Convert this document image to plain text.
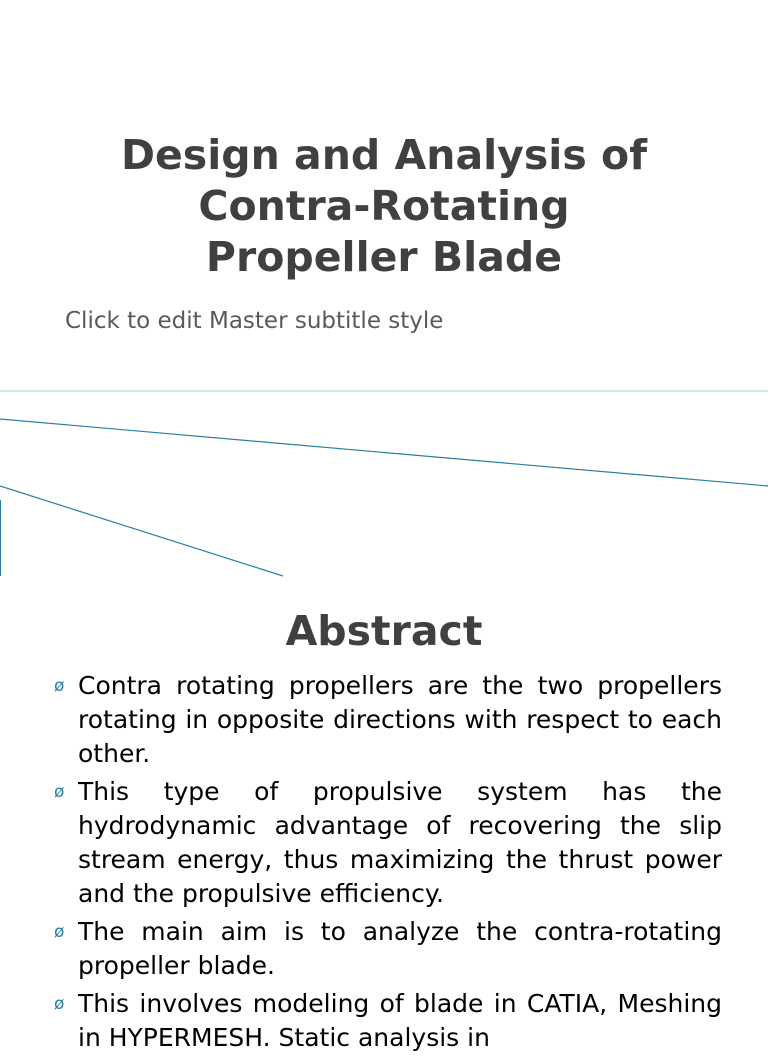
Design and Analysis of
Contra-Rotating
Propeller Blade
Click to edit Master subtitle style
Abstract
ø Contra rotating propellers are the two propellers rotating in opposite directions with respect to each other.
ø This type of propulsive system has the hydrodynamic advantage of recovering the slip stream energy, thus maximizing the thrust power and the propulsive efficiency.
ø The main aim is to analyze the contra-rotating propeller blade.
ø This involves modeling of blade in CATIA, Meshing in HYPERMESH. Static analysis in
